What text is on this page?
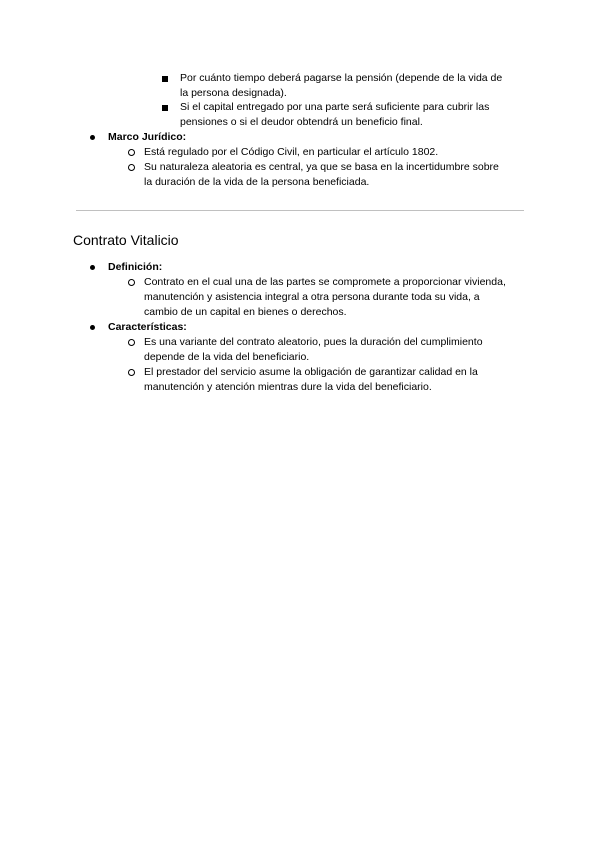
Por cuánto tiempo deberá pagarse la pensión (depende de la vida de
la persona designada).
Si el capital entregado por una parte será suficiente para cubrir las
pensiones o si el deudor obtendrá un beneficio final.
Marco Jurídico:
Está regulado por el Código Civil, en particular el artículo 1802.
Su naturaleza aleatoria es central, ya que se basa en la incertidumbre sobre
la duración de la vida de la persona beneficiada.
Contrato Vitalicio
Definición:
Contrato en el cual una de las partes se compromete a proporcionar vivienda,
manutención y asistencia integral a otra persona durante toda su vida, a
cambio de un capital en bienes o derechos.
Características:
Es una variante del contrato aleatorio, pues la duración del cumplimiento
depende de la vida del beneficiario.
El prestador del servicio asume la obligación de garantizar calidad en la
manutención y atención mientras dure la vida del beneficiario.
